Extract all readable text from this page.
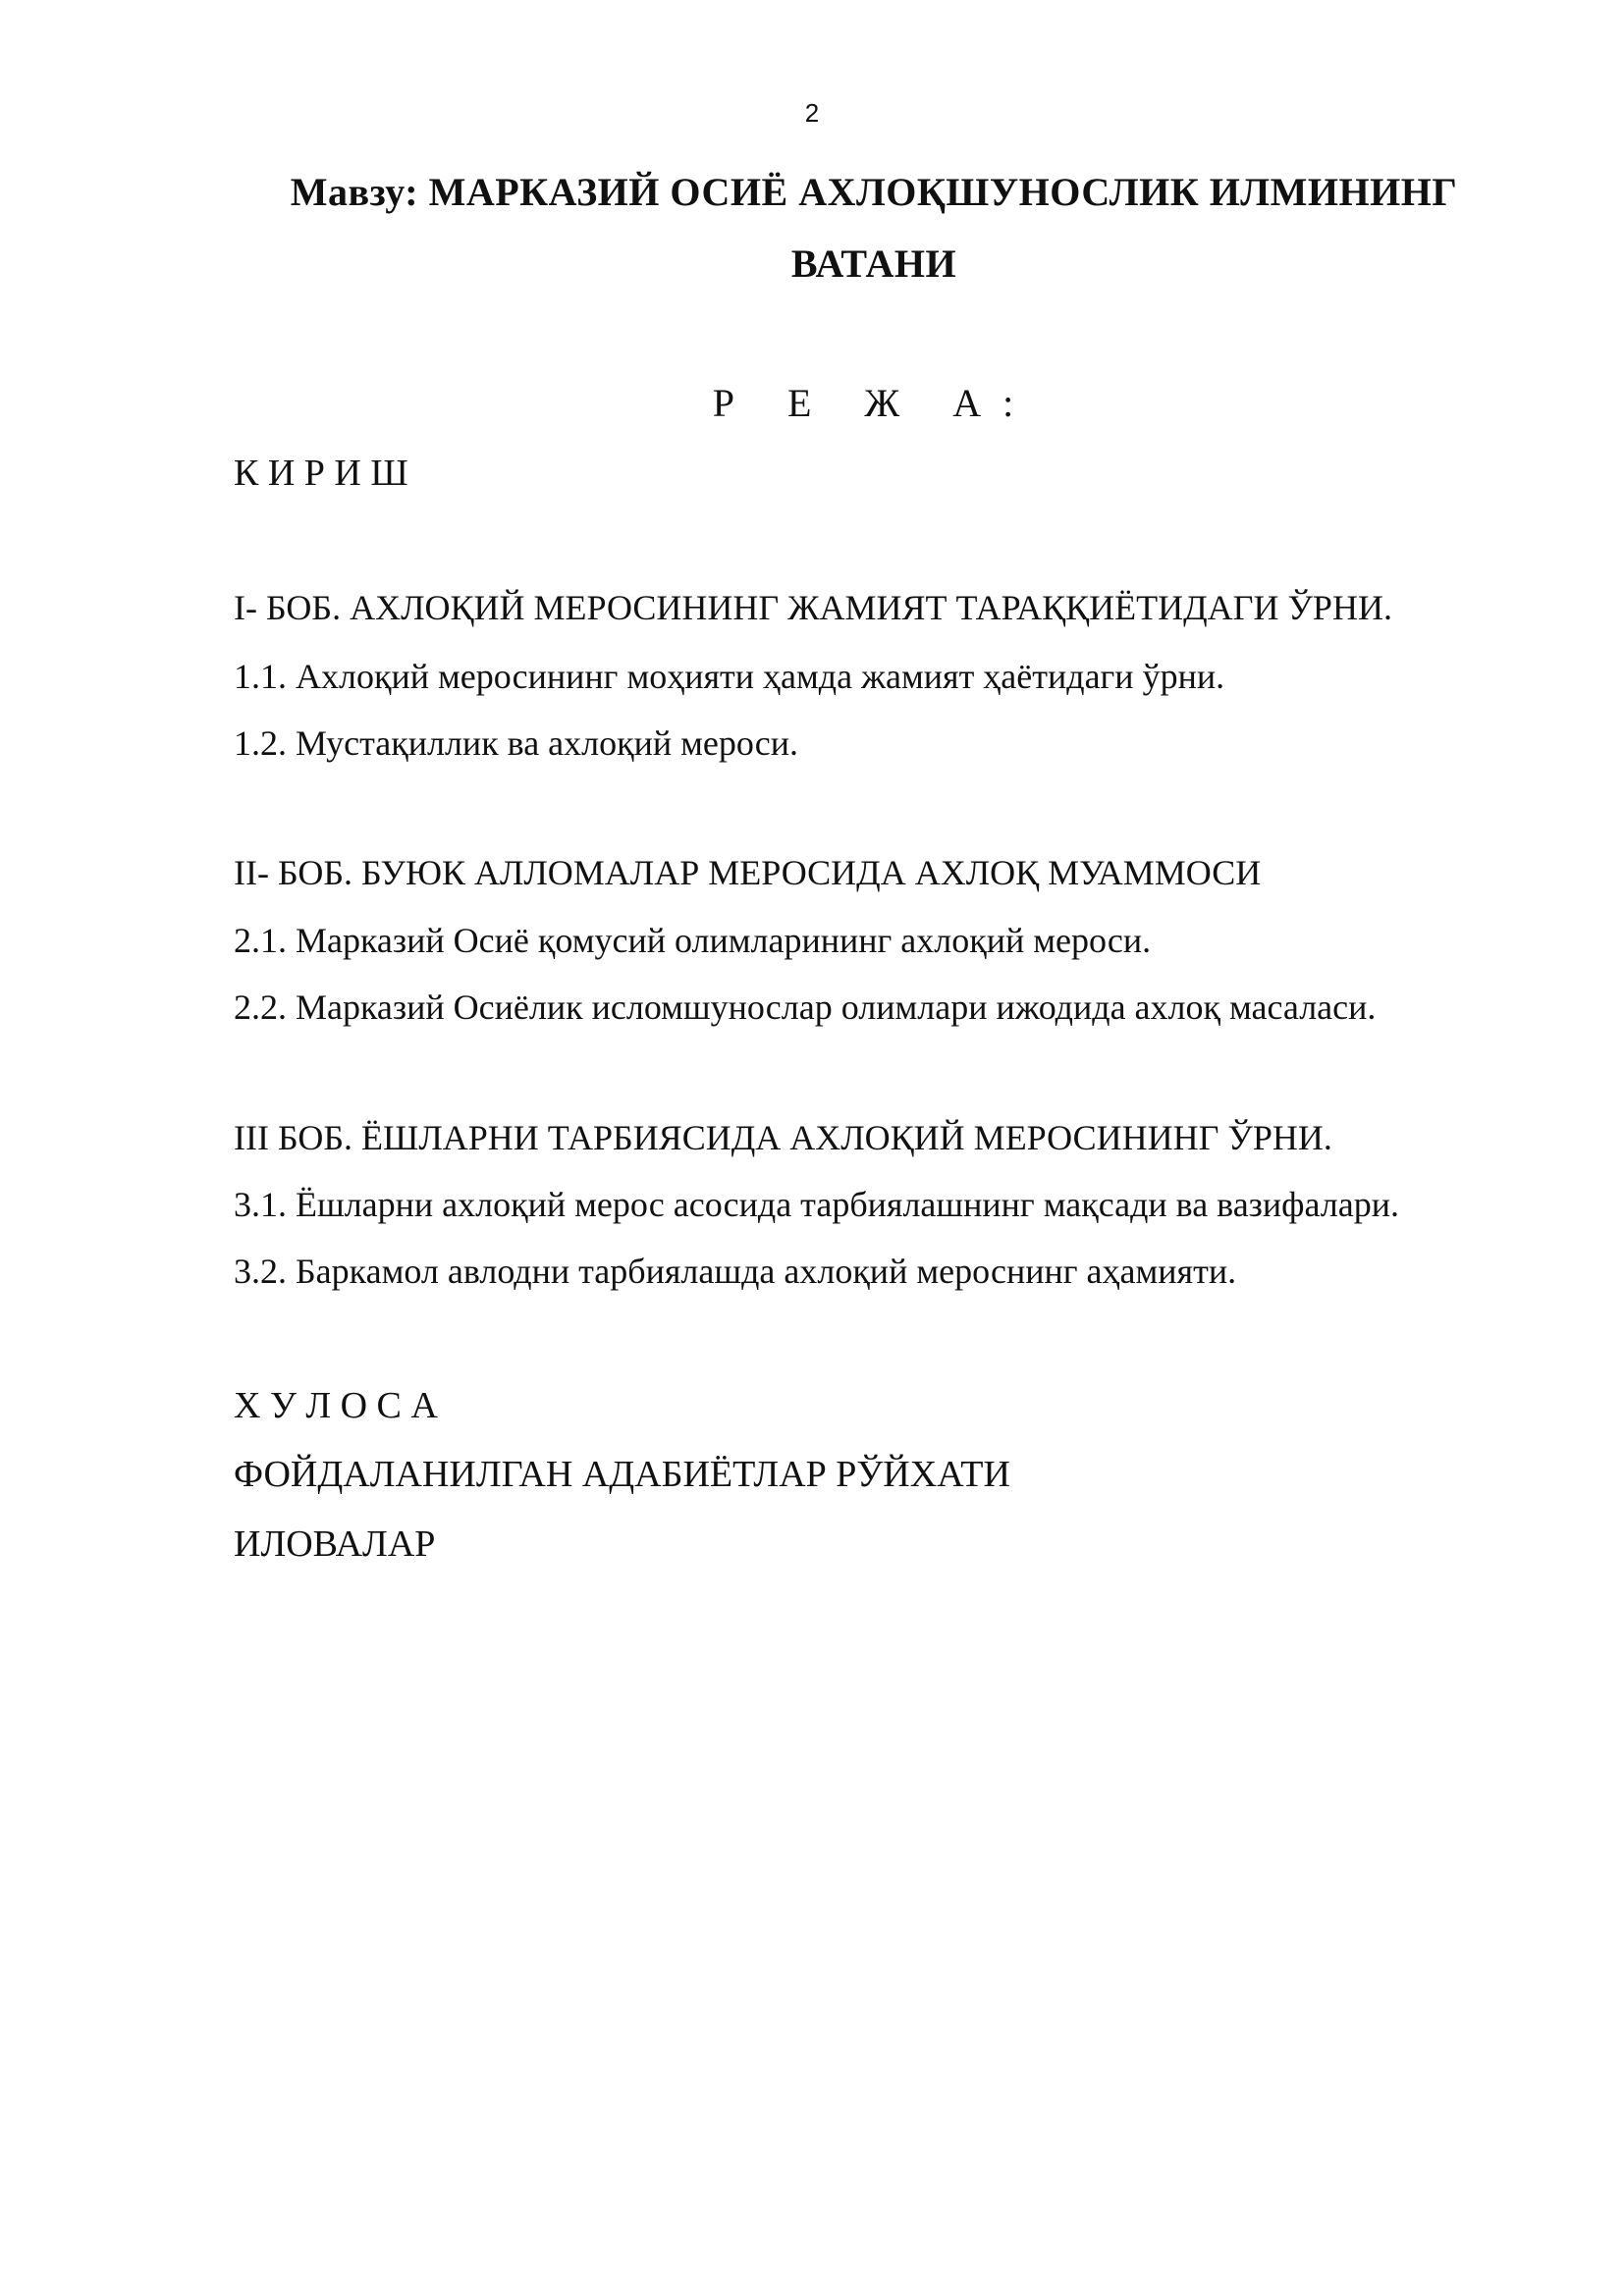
2
Мавзу: МАРКАЗИЙ ОСИЁ АХЛОҚШУНОСЛИК ИЛМИНИНГ
ВАТАНИ
Р Е Ж А:
К И Р И Ш
I- БОБ. АХЛОҚИЙ МЕРОСИНИНГ ЖАМИЯТ ТАРАҚҚИЁТИДАГИ ЎРНИ.
1.1. Ахлоқий меросининг моҳияти ҳамда жамият ҳаётидаги ўрни.
1.2. Мустақиллик ва ахлоқий мероси.
II- БОБ. БУЮК АЛЛОМАЛАР МЕРОСИДА АХЛОҚ МУАММОСИ
2.1. Марказий Осиё қомусий олимларининг ахлоқий мероси.
2.2. Марказий Осиёлик исломшунослар олимлари ижодида ахлоқ масаласи.
III БОБ. ЁШЛАРНИ ТАРБИЯСИДА АХЛОҚИЙ МЕРОСИНИНГ ЎРНИ.
3.1. Ёшларни ахлоқий мерос асосида тарбиялашнинг мақсади ва вазифалари.
3.2. Баркамол авлодни тарбиялашда ахлоқий мероснинг аҳамияти.
Х У Л О С А
ФОЙДАЛАНИЛГАН АДАБИЁТЛАР РЎЙХАТИ
ИЛОВАЛАР
